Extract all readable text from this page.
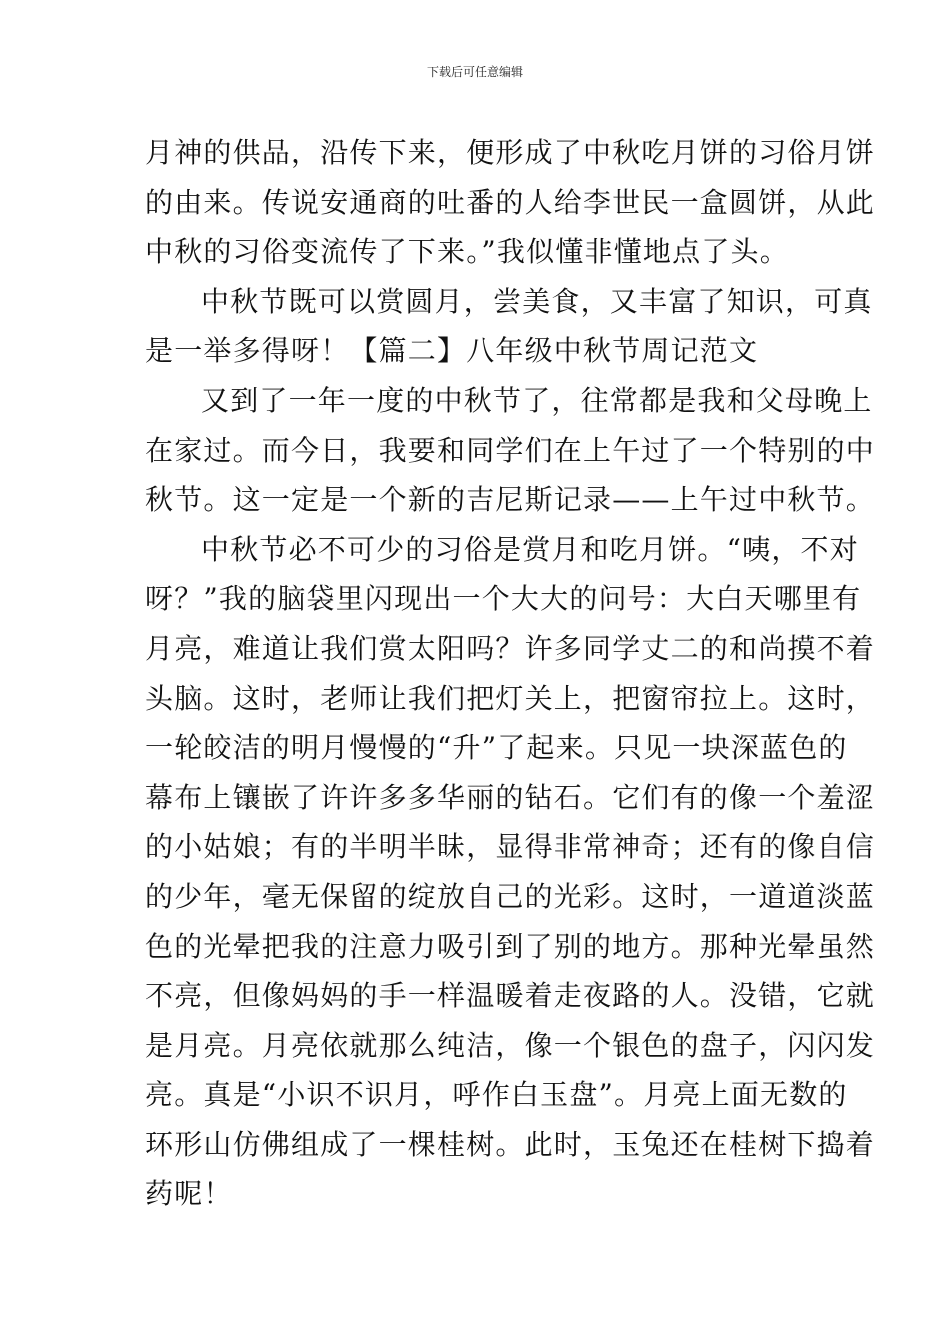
下载后可任意编辑
月神的供品，沿传下来，便形成了中秋吃月饼的习俗月饼
的由来。传说安通商的吐番的人给李世民一盒圆饼，从此
中秋的习俗变流传了下来。”我似懂非懂地点了头。
中秋节既可以赏圆月，尝美食，又丰富了知识，可真
是一举多得呀！【篇二】八年级中秋节周记范文
又到了一年一度的中秋节了，往常都是我和父母晚上
在家过。而今日，我要和同学们在上午过了一个特别的中
秋节。这一定是一个新的吉尼斯记录——上午过中秋节。
中秋节必不可少的习俗是赏月和吃月饼。“咦，不对
呀？”我的脑袋里闪现出一个大大的问号：大白天哪里有
月亮，难道让我们赏太阳吗？许多同学丈二的和尚摸不着
头脑。这时，老师让我们把灯关上，把窗帘拉上。这时，
一轮皎洁的明月慢慢的“升”了起来。只见一块深蓝色的
幕布上镶嵌了许许多多华丽的钻石。它们有的像一个羞涩
的小姑娘；有的半明半昧，显得非常神奇；还有的像自信
的少年，毫无保留的绽放自己的光彩。这时，一道道淡蓝
色的光晕把我的注意力吸引到了别的地方。那种光晕虽然
不亮，但像妈妈的手一样温暖着走夜路的人。没错，它就
是月亮。月亮依就那么纯洁，像一个银色的盘子，闪闪发
亮。真是“小识不识月，呼作白玉盘”。月亮上面无数的
环形山仿佛组成了一棵桂树。此时，玉兔还在桂树下捣着
药呢！
